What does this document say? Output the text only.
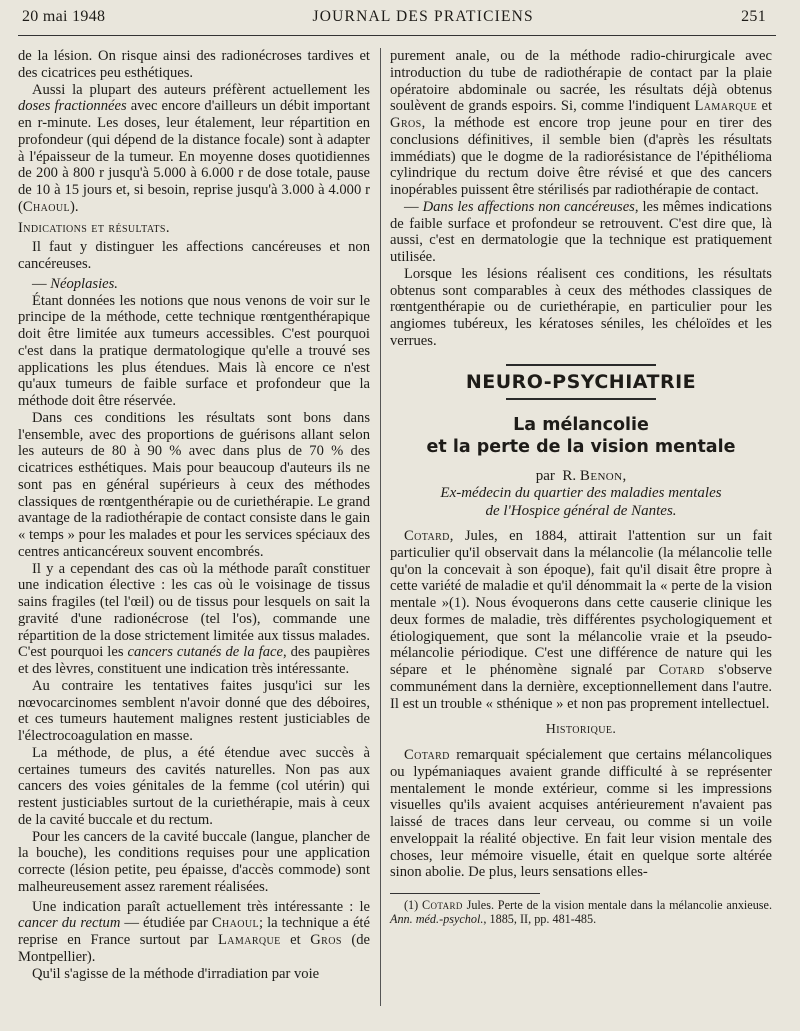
20 mai 1948	JOURNAL DES PRATICIENS	251

de la lésion. On risque ainsi des radionécroses tardives et des cicatrices peu esthétiques.

Aussi la plupart des auteurs préfèrent actuellement les doses fractionnées avec encore d'ailleurs un débit important en r-minute. Les doses, leur étalement, leur répartition en profondeur (qui dépend de la distance focale) sont à adapter à l'épaisseur de la tumeur. En moyenne doses quotidiennes de 200 à 800 r jusqu'à 5.000 à 6.000 r de dose totale, pause de 10 à 15 jours et, si besoin, reprise jusqu'à 3.000 à 4.000 r (Chaoul).

Indications et résultats.

Il faut y distinguer les affections cancéreuses et non cancéreuses.

— Néoplasies.

Étant données les notions que nous venons de voir sur le principe de la méthode, cette technique rœntgenthérapique doit être limitée aux tumeurs accessibles. C'est pourquoi c'est dans la pratique dermatologique qu'elle a trouvé ses applications les plus étendues. Mais là encore ce n'est qu'aux tumeurs de faible surface et profondeur que la méthode doit être réservée.

Dans ces conditions les résultats sont bons dans l'ensemble, avec des proportions de guérisons allant selon les auteurs de 80 à 90 % avec dans plus de 70 % des cicatrices esthétiques. Mais pour beaucoup d'auteurs ils ne sont pas en général supérieurs à ceux des méthodes classiques de rœntgenthérapie ou de curiethérapie. Le grand avantage de la radiothérapie de contact consiste dans le gain « temps » pour les malades et pour les services spéciaux des centres anticancéreux souvent encombrés.

Il y a cependant des cas où la méthode paraît constituer une indication élective : les cas où le voisinage de tissus sains fragiles (tel l'œil) ou de tissus pour lesquels on sait la gravité d'une radionécrose (tel l'os), commande une répartition de la dose strictement limitée aux tissus malades. C'est pourquoi les cancers cutanés de la face, des paupières et des lèvres, constituent une indication très intéressante.

Au contraire les tentatives faites jusqu'ici sur les nœvocarcinomes semblent n'avoir donné que des déboires, et ces tumeurs hautement malignes restent justiciables de l'électrocoagulation en masse.

La méthode, de plus, a été étendue avec succès à certaines tumeurs des cavités naturelles. Non pas aux cancers des voies génitales de la femme (col utérin) qui restent justiciables surtout de la curiethérapie, mais à ceux de la cavité buccale et du rectum.

Pour les cancers de la cavité buccale (langue, plancher de la bouche), les conditions requises pour une application correcte (lésion petite, peu épaisse, d'accès commode) sont malheureusement assez rarement réalisées.

Une indication paraît actuellement très intéressante : le cancer du rectum — étudiée par Chaoul; la technique a été reprise en France surtout par Lamarque et Gros (de Montpellier).

Qu'il s'agisse de la méthode d'irradiation par voie

purement anale, ou de la méthode radio-chirurgicale avec introduction du tube de radiothérapie de contact par la plaie opératoire abdominale ou sacrée, les résultats déjà obtenus soulèvent de grands espoirs. Si, comme l'indiquent Lamarque et Gros, la méthode est encore trop jeune pour en tirer des conclusions définitives, il semble bien (d'après les résultats immédiats) que le dogme de la radiorésistance de l'épithélioma cylindrique du rectum doive être révisé et que des cancers inopérables puissent être stérilisés par radiothérapie de contact.

— Dans les affections non cancéreuses, les mêmes indications de faible surface et profondeur se retrouvent. C'est dire que, là aussi, c'est en dermatologie que la technique est pratiquement utilisée.

Lorsque les lésions réalisent ces conditions, les résultats obtenus sont comparables à ceux des méthodes classiques de rœntgenthérapie ou de curiethérapie, en particulier pour les angiomes tubéreux, les kératoses séniles, les chéloïdes et les verrues.

NEURO-PSYCHIATRIE

La mélancolie

et la perte de la vision mentale

par R. Benon,

Ex-médecin du quartier des maladies mentales

de l'Hospice général de Nantes.

Cotard, Jules, en 1884, attirait l'attention sur un fait particulier qu'il observait dans la mélancolie (la mélancolie telle qu'on la concevait à son époque), fait qu'il disait être propre à cette variété de maladie et qu'il dénommait la « perte de la vision mentale »(1). Nous évoquerons dans cette causerie clinique les deux formes de maladie, très différentes psychologiquement et étiologiquement, que sont la mélancolie vraie et la pseudo-mélancolie périodique. C'est une différence de nature qui les sépare et le phénomène signalé par Cotard s'observe communément dans la dernière, exceptionnellement dans l'autre. Il est un trouble « sthénique » et non pas proprement intellectuel.

Historique.

Cotard remarquait spécialement que certains mélancoliques ou lypémaniaques avaient grande difficulté à se représenter mentalement le monde extérieur, comme si les impressions visuelles qu'ils avaient acquises antérieurement n'avaient pas laissé de traces dans leur cerveau, ou comme si un voile enveloppait la réalité objective. En fait leur vision mentale des choses, leur mémoire visuelle, était en quelque sorte altérée sinon abolie. De plus, leurs sensations elles-

(1) Cotard Jules. Perte de la vision mentale dans la mélancolie anxieuse. Ann. méd.-psychol., 1885, II, pp. 481-485.
